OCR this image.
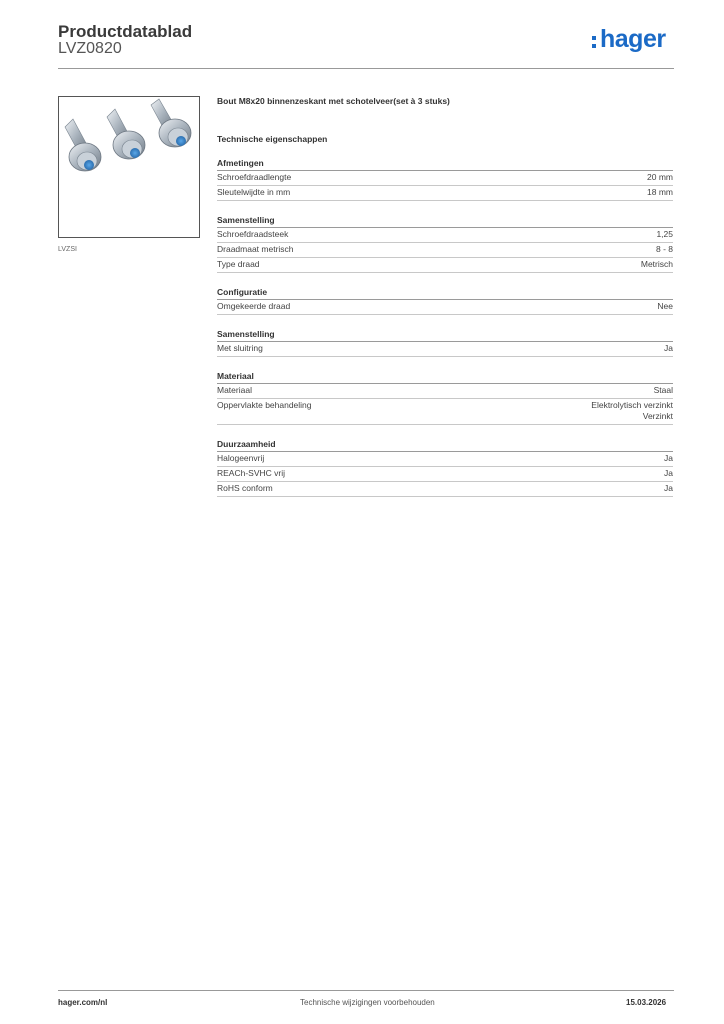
Productdatablad
LVZ0820	hager
LVZSI
Bout M8x20 binnenzeskant met schotelveer(set à 3 stuks)
Technische eigenschappen
Afmetingen
Schroefdraadlengte	20 mm
Sleutelwijdte in mm	18 mm
Samenstelling
Schroefdraadsteek	1,25
Draadmaat metrisch	8 - 8
Type draad	Metrisch
Configuratie
Omgekeerde draad	Nee
Samenstelling
Met sluitring	Ja
Materiaal
Materiaal	Staal
Oppervlakte behandeling	Elektrolytisch verzinkt
Verzinkt
Duurzaamheid
Halogeenvrij	Ja
REACh-SVHC vrij	Ja
RoHS conform	Ja
hager.com/nl	Technische wijzigingen voorbehouden	15.03.2026
